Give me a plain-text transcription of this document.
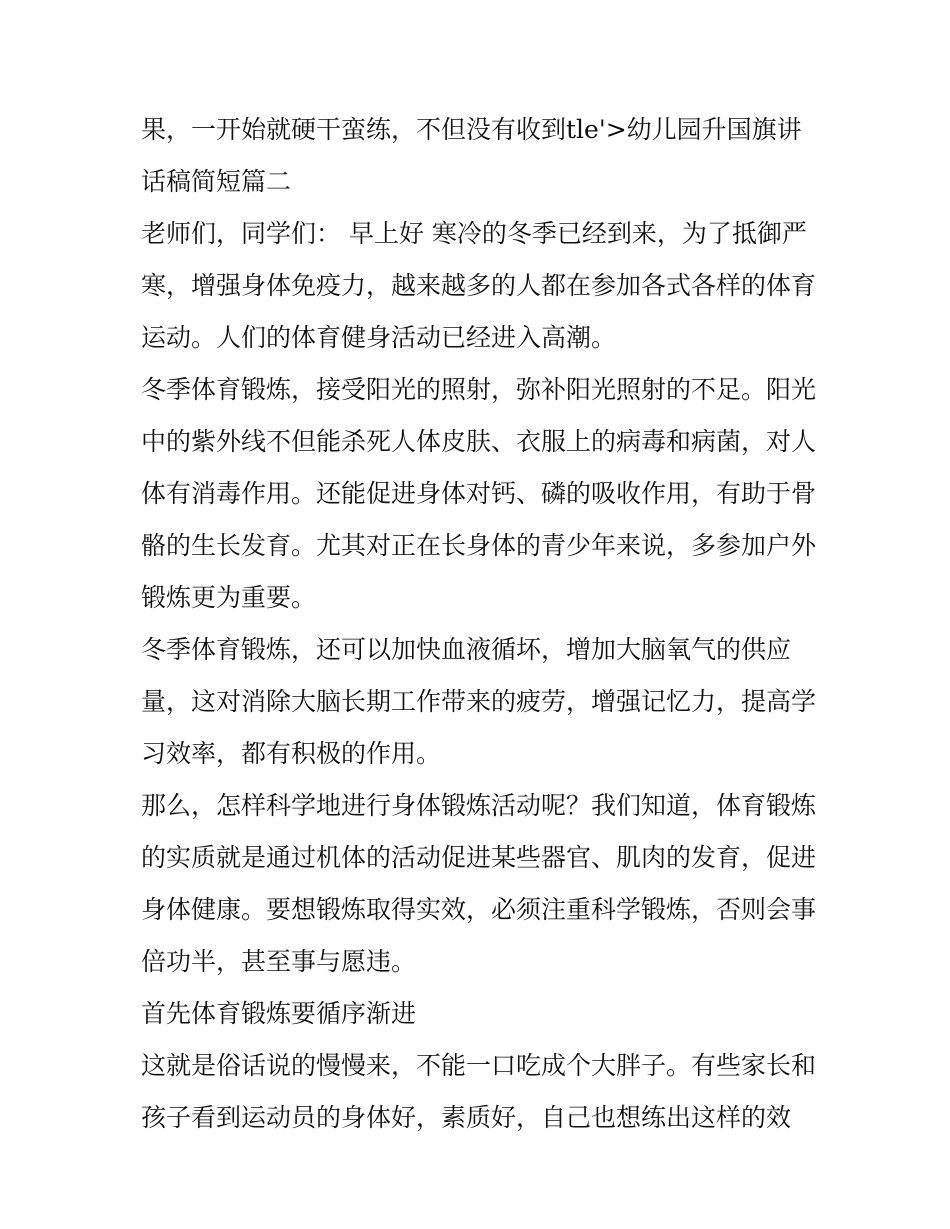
果，一开始就硬干蛮练，不但没有收到tle'>幼儿园升国旗讲话稿简短篇二

老师们，同学们： 早上好 寒冷的冬季已经到来，为了抵御严寒，增强身体免疫力，越来越多的人都在参加各式各样的体育运动。人们的体育健身活动已经进入高潮。

冬季体育锻炼，接受阳光的照射，弥补阳光照射的不足。阳光中的紫外线不但能杀死人体皮肤、衣服上的病毒和病菌，对人体有消毒作用。还能促进身体对钙、磷的吸收作用，有助于骨骼的生长发育。尤其对正在长身体的青少年来说，多参加户外锻炼更为重要。

冬季体育锻炼，还可以加快血液循坏，增加大脑氧气的供应量，这对消除大脑长期工作带来的疲劳，增强记忆力，提高学习效率，都有积极的作用。

那么，怎样科学地进行身体锻炼活动呢？我们知道，体育锻炼的实质就是通过机体的活动促进某些器官、肌肉的发育，促进身体健康。要想锻炼取得实效，必须注重科学锻炼，否则会事倍功半，甚至事与愿违。

首先体育锻炼要循序渐进

这就是俗话说的慢慢来，不能一口吃成个大胖子。有些家长和孩子看到运动员的身体好，素质好，自己也想练出这样的效
